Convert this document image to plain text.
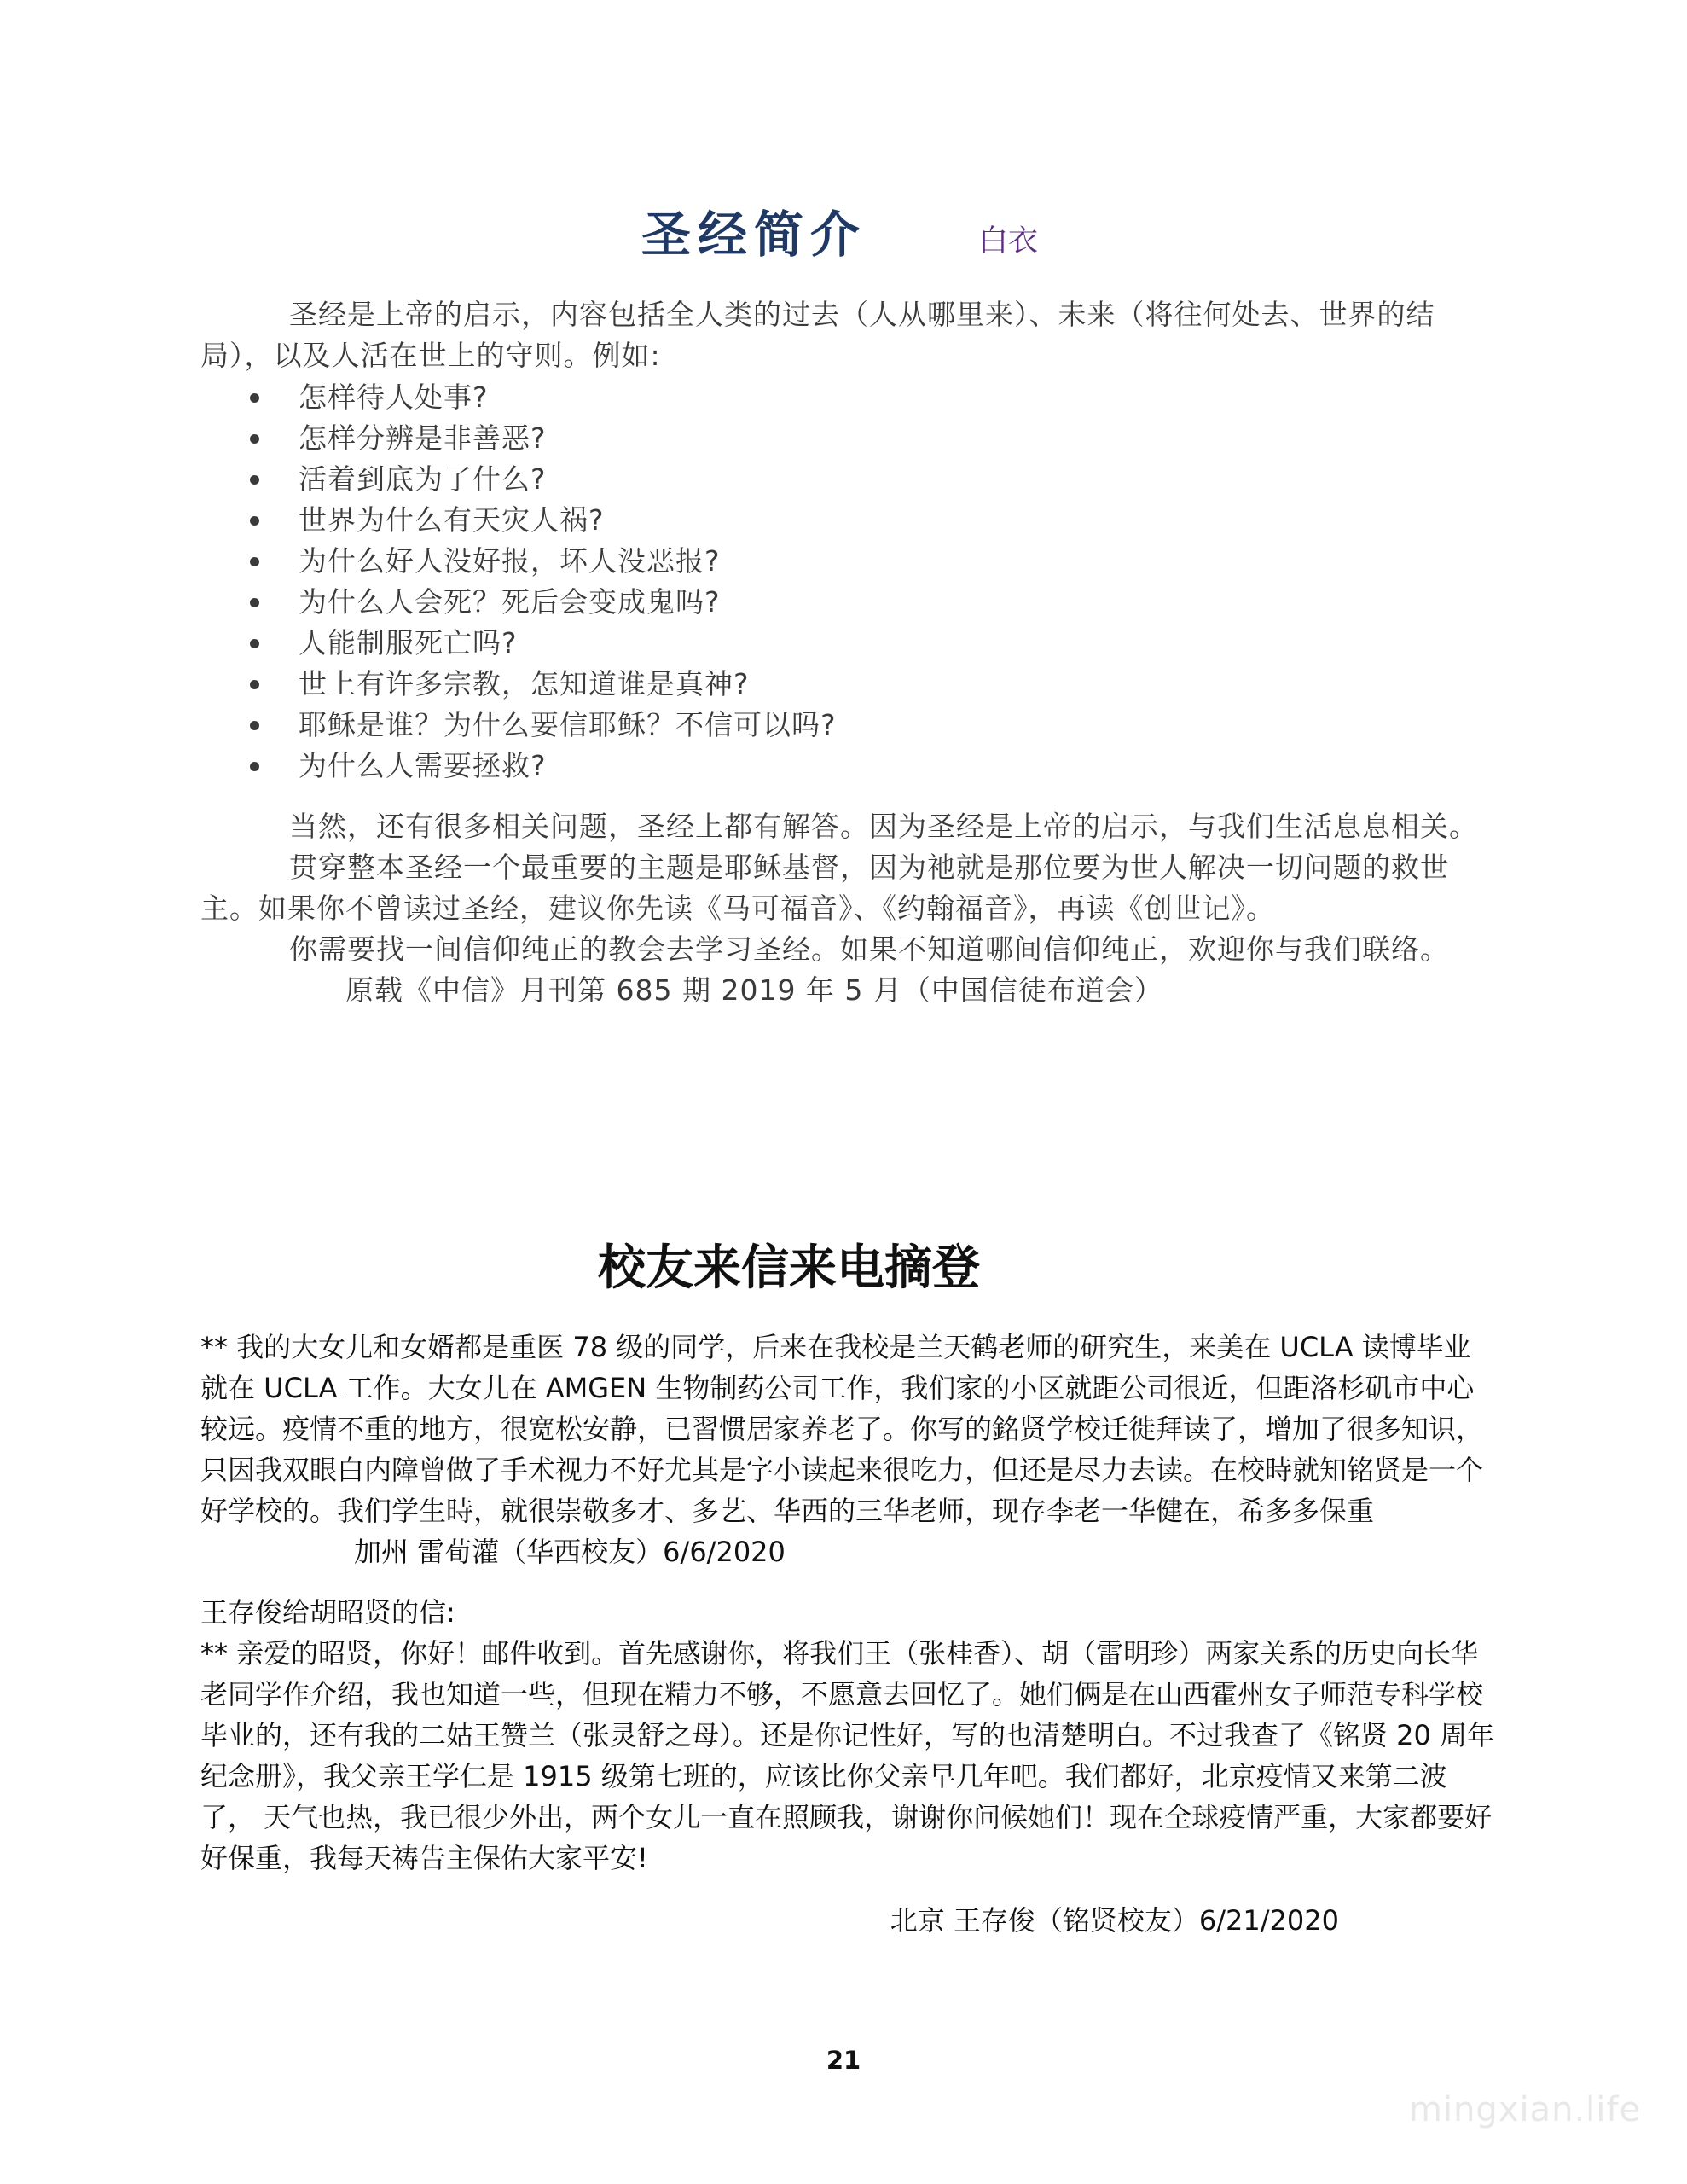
圣经简介	白衣

圣经是上帝的启示，内容包括全人类的过去（人从哪里来）、未来（将往何处去、世界的结局），以及人活在世上的守则。例如:

怎样待人处事?
怎样分辨是非善恶?
活着到底为了什么?
世界为什么有天灾人祸?
为什么好人没好报，坏人没恶报?
为什么人会死？死后会变成鬼吗?
人能制服死亡吗?
世上有许多宗教，怎知道谁是真神?
耶稣是谁？为什么要信耶稣？不信可以吗?
为什么人需要拯救?

当然，还有很多相关问题，圣经上都有解答。因为圣经是上帝的启示，与我们生活息息相关。

贯穿整本圣经一个最重要的主题是耶稣基督，因为祂就是那位要为世人解决一切问题的救世主。如果你不曾读过圣经，建议你先读《马可福音》、《约翰福音》，再读《创世记》。

你需要找一间信仰纯正的教会去学习圣经。如果不知道哪间信仰纯正，欢迎你与我们联络。原载《中信》月刊第 685 期 2019 年 5 月（中国信徒布道会）

校友来信来电摘登

** 我的大女儿和女婿都是重医 78 级的同学，后来在我校是兰天鹤老师的研究生，来美在 UCLA 读博毕业就在 UCLA 工作。大女儿在 AMGEN 生物制药公司工作，我们家的小区就距公司很近，但距洛杉矶市中心较远。疫情不重的地方，很宽松安静，已習惯居家养老了。你写的銘贤学校迁徙拜读了，增加了很多知识，只因我双眼白内障曾做了手术视力不好尤其是字小读起来很吃力，但还是尽力去读。在校時就知铭贤是一个好学校的。我们学生時，就很崇敬多才、多艺、华西的三华老师，现存李老一华健在，希多多保重加州 雷荀灌（华西校友）6/6/2020

王存俊给胡昭贤的信:

** 亲爱的昭贤，你好！邮件收到。首先感谢你，将我们王（张桂香）、胡（雷明珍）两家关系的历史向长华老同学作介绍，我也知道一些，但现在精力不够，不愿意去回忆了。她们俩是在山西霍州女子师范专科学校毕业的，还有我的二姑王赞兰（张灵舒之母）。还是你记性好，写的也清楚明白。不过我查了《铭贤 20 周年纪念册》，我父亲王学仁是 1915 级第七班的，应该比你父亲早几年吧。我们都好，北京疫情又来第二波了， 天气也热，我已很少外出，两个女儿一直在照顾我，谢谢你问候她们！现在全球疫情严重，大家都要好好保重，我每天祷告主保佑大家平安!

北京 王存俊（铭贤校友）6/21/2020
21
mingxian.life
